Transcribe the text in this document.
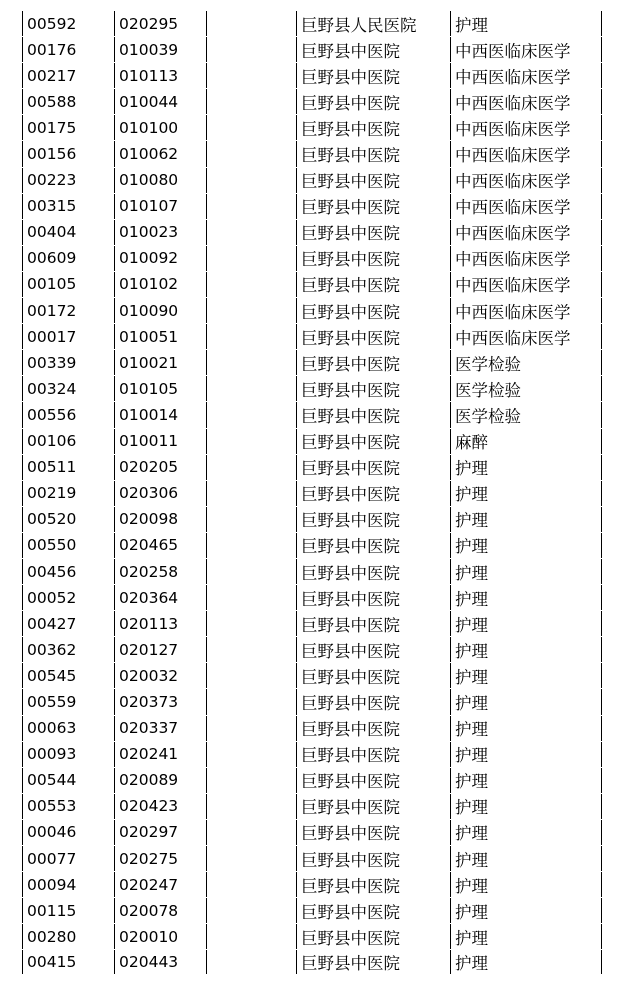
00592	020295	巨野县人民医院	护理
00176	010039	巨野县中医院	中西医临床医学
00217	010113	巨野县中医院	中西医临床医学
00588	010044	巨野县中医院	中西医临床医学
00175	010100	巨野县中医院	中西医临床医学
00156	010062	巨野县中医院	中西医临床医学
00223	010080	巨野县中医院	中西医临床医学
00315	010107	巨野县中医院	中西医临床医学
00404	010023	巨野县中医院	中西医临床医学
00609	010092	巨野县中医院	中西医临床医学
00105	010102	巨野县中医院	中西医临床医学
00172	010090	巨野县中医院	中西医临床医学
00017	010051	巨野县中医院	中西医临床医学
00339	010021	巨野县中医院	医学检验
00324	010105	巨野县中医院	医学检验
00556	010014	巨野县中医院	医学检验
00106	010011	巨野县中医院	麻醉
00511	020205	巨野县中医院	护理
00219	020306	巨野县中医院	护理
00520	020098	巨野县中医院	护理
00550	020465	巨野县中医院	护理
00456	020258	巨野县中医院	护理
00052	020364	巨野县中医院	护理
00427	020113	巨野县中医院	护理
00362	020127	巨野县中医院	护理
00545	020032	巨野县中医院	护理
00559	020373	巨野县中医院	护理
00063	020337	巨野县中医院	护理
00093	020241	巨野县中医院	护理
00544	020089	巨野县中医院	护理
00553	020423	巨野县中医院	护理
00046	020297	巨野县中医院	护理
00077	020275	巨野县中医院	护理
00094	020247	巨野县中医院	护理
00115	020078	巨野县中医院	护理
00280	020010	巨野县中医院	护理
00415	020443	巨野县中医院	护理
